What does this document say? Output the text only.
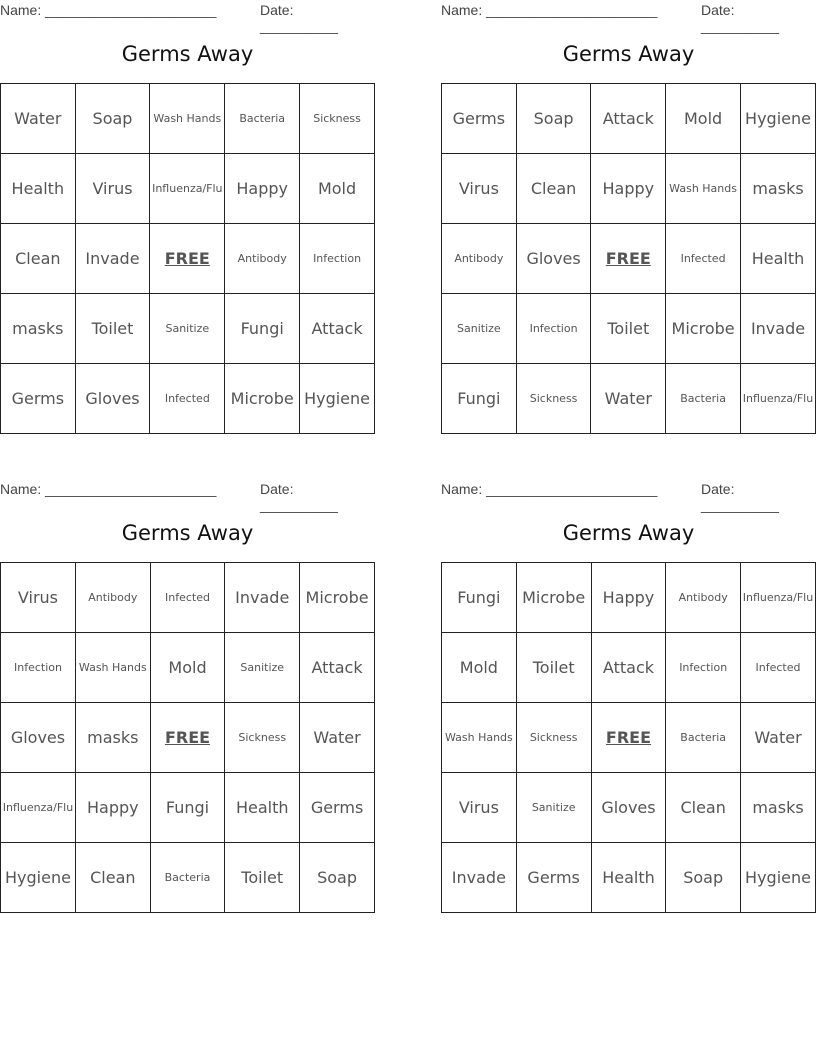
Name: ______________________	Date: __________
Germs Away
Water	Soap	Wash Hands	Bacteria	Sickness
Health	Virus	Influenza/Flu	Happy	Mold
Clean	Invade	FREE	Antibody	Infection
masks	Toilet	Sanitize	Fungi	Attack
Germs	Gloves	Infected	Microbe	Hygiene
Name: ______________________	Date: __________
Germs Away
Germs	Soap	Attack	Mold	Hygiene
Virus	Clean	Happy	Wash Hands	masks
Antibody	Gloves	FREE	Infected	Health
Sanitize	Infection	Toilet	Microbe	Invade
Fungi	Sickness	Water	Bacteria	Influenza/Flu
Name: ______________________	Date: __________
Germs Away
Virus	Antibody	Infected	Invade	Microbe
Infection	Wash Hands	Mold	Sanitize	Attack
Gloves	masks	FREE	Sickness	Water
Influenza/Flu	Happy	Fungi	Health	Germs
Hygiene	Clean	Bacteria	Toilet	Soap
Name: ______________________	Date: __________
Germs Away
Fungi	Microbe	Happy	Antibody	Influenza/Flu
Mold	Toilet	Attack	Infection	Infected
Wash Hands	Sickness	FREE	Bacteria	Water
Virus	Sanitize	Gloves	Clean	masks
Invade	Germs	Health	Soap	Hygiene
